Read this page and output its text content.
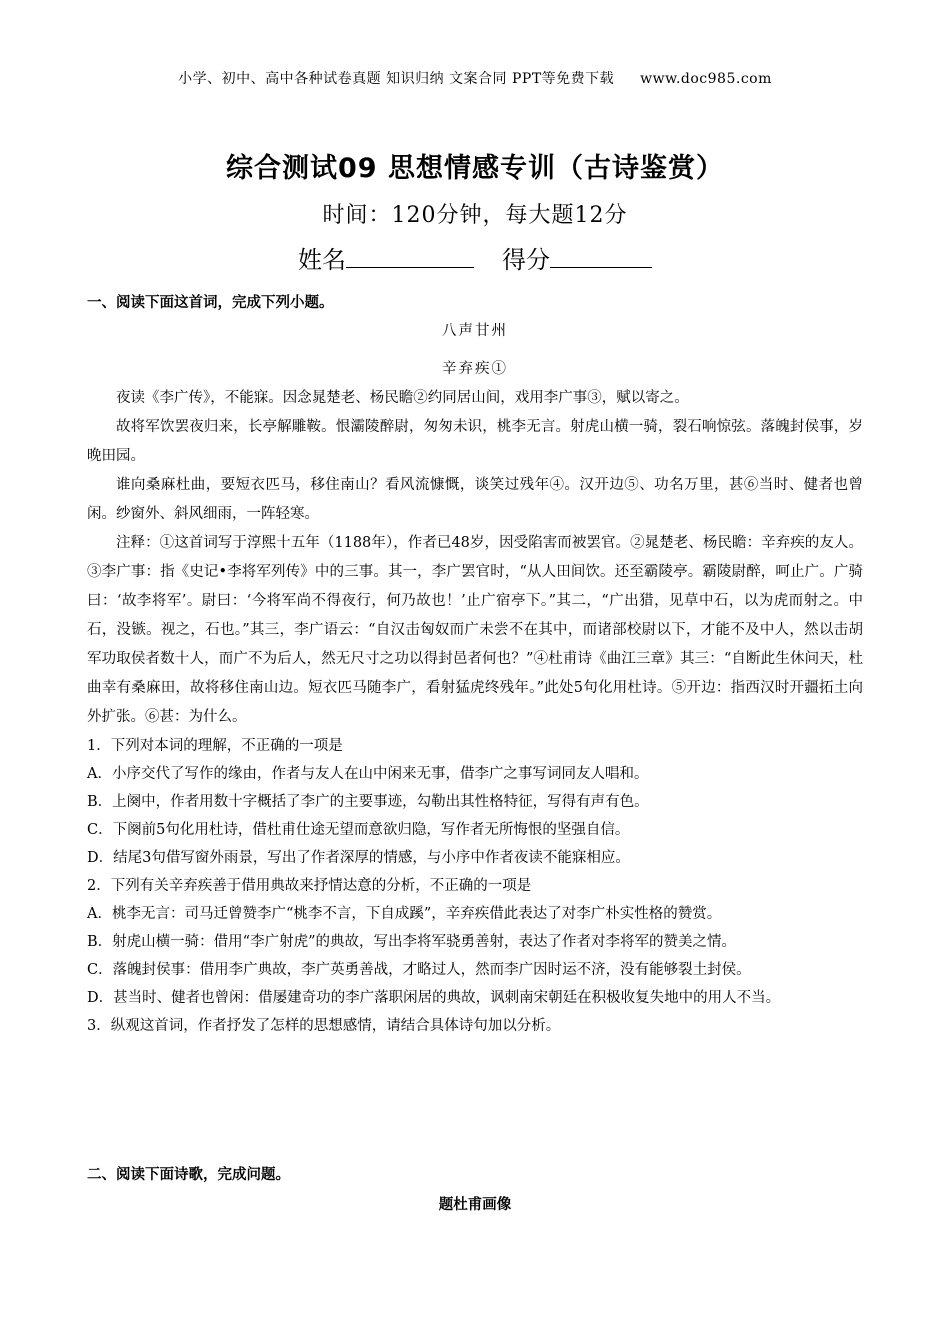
小学、初中、高中各种试卷真题 知识归纳 文案合同 PPT等免费下载 www.doc985.com
综合测试09 思想情感专训（古诗鉴赏）
时间：120分钟，每大题12分
姓名	得分
一、阅读下面这首词，完成下列小题。
八声甘州
辛弃疾①

夜读《李广传》，不能寐。因念晁楚老、杨民瞻②约同居山间，戏用李广事③，赋以寄之。

故将军饮罢夜归来，长亭解雕鞍。恨灞陵醉尉，匆匆未识，桃李无言。射虎山横一骑，裂石响惊弦。落魄封侯事，岁晚田园。

谁向桑麻杜曲，要短衣匹马，移住南山？看风流慷慨，谈笑过残年④。汉开边⑤、功名万里，甚⑥当时、健者也曾闲。纱窗外、斜风细雨，一阵轻寒。

注释：①这首词写于淳熙十五年（1188年），作者已48岁，因受陷害而被罢官。②晁楚老、杨民瞻：辛弃疾的友人。③李广事：指《史记•李将军列传》中的三事。其一，李广罢官时，“从人田间饮。还至霸陵亭。霸陵尉醉，呵止广。广骑曰：‘故李将军’。尉曰：‘今将军尚不得夜行，何乃故也！’止广宿亭下。”其二，“广出猎，见草中石，以为虎而射之。中石，没镞。视之，石也。”其三，李广语云：“自汉击匈奴而广未尝不在其中，而诸部校尉以下，才能不及中人，然以击胡军功取侯者数十人，而广不为后人，然无尺寸之功以得封邑者何也？”④杜甫诗《曲江三章》其三：“自断此生休问天，杜曲幸有桑麻田，故将移住南山边。短衣匹马随李广，看射猛虎终残年。”此处5句化用杜诗。⑤开边：指西汉时开疆拓土向外扩张。⑥甚：为什么。

1．下列对本词的理解，不正确的一项是

A．小序交代了写作的缘由，作者与友人在山中闲来无事，借李广之事写词同友人唱和。

B．上阕中，作者用数十字概括了李广的主要事迹，勾勒出其性格特征，写得有声有色。

C．下阕前5句化用杜诗，借杜甫仕途无望而意欲归隐，写作者无所悔恨的坚强自信。

D．结尾3句借写窗外雨景，写出了作者深厚的情感，与小序中作者夜读不能寐相应。

2．下列有关辛弃疾善于借用典故来抒情达意的分析，不正确的一项是

A．桃李无言：司马迁曾赞李广“桃李不言，下自成蹊”，辛弃疾借此表达了对李广朴实性格的赞赏。

B．射虎山横一骑：借用“李广射虎”的典故，写出李将军骁勇善射，表达了作者对李将军的赞美之情。

C．落魄封侯事：借用李广典故，李广英勇善战，才略过人，然而李广因时运不济，没有能够裂土封侯。

D．甚当时、健者也曾闲：借屡建奇功的李广落职闲居的典故，讽刺南宋朝廷在积极收复失地中的用人不当。

3．纵观这首词，作者抒发了怎样的思想感情，请结合具体诗句加以分析。

二、阅读下面诗歌，完成问题。
题杜甫画像
